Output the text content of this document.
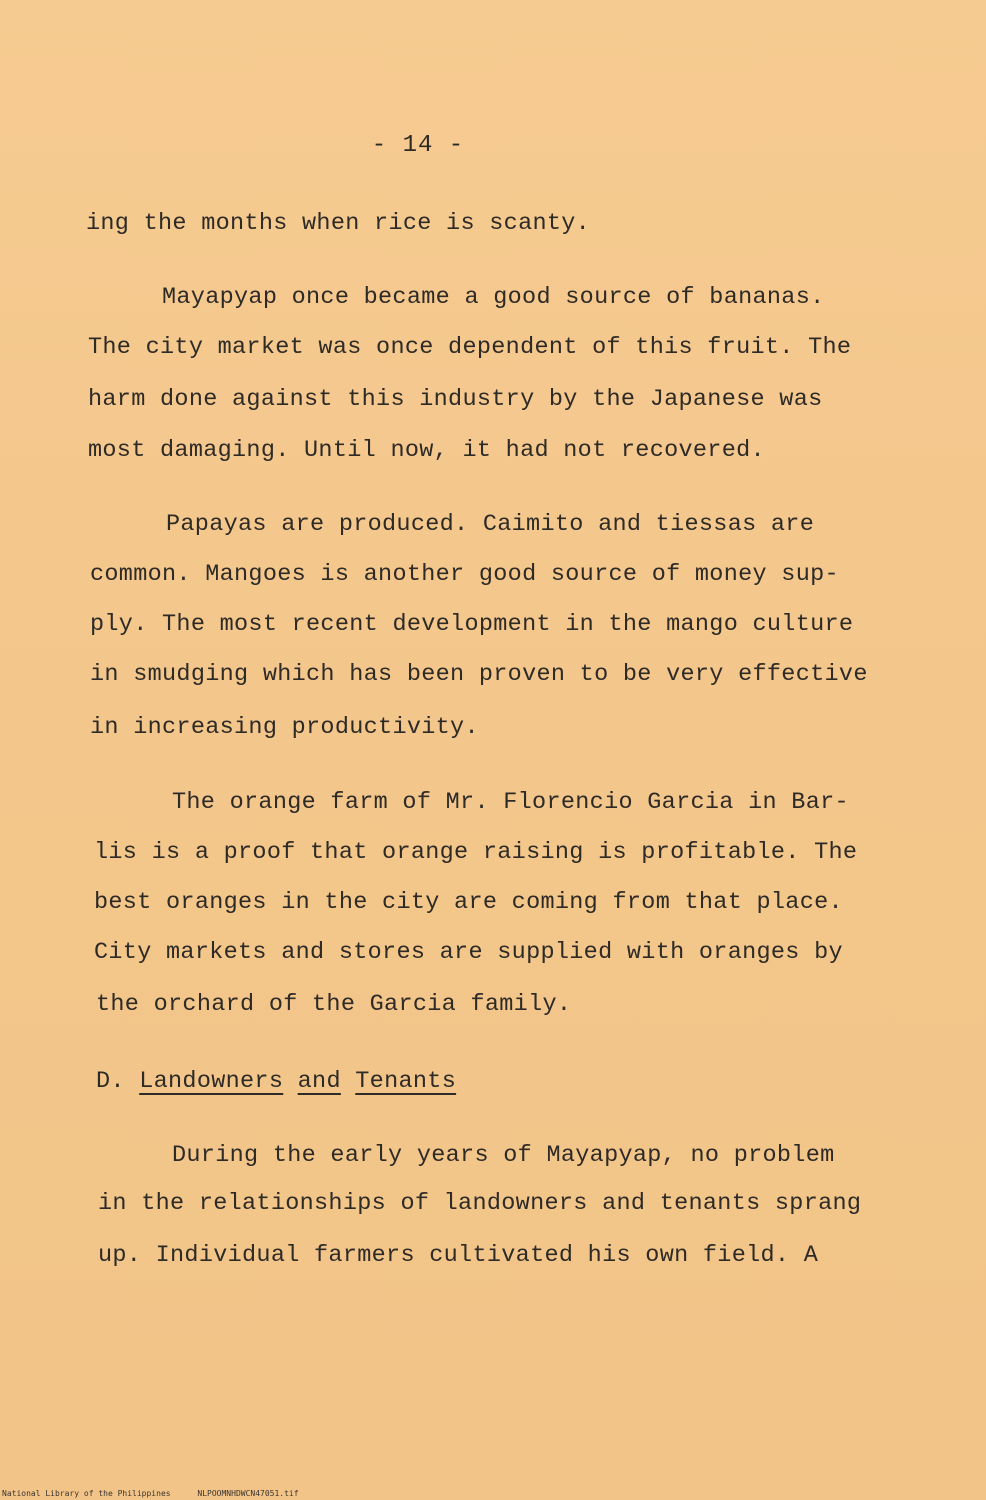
- 14 -
ing the months when rice is scanty.
Mayapyap once became a good source of bananas.
The city market was once dependent of this fruit. The
harm done against this industry by the Japanese was
most damaging. Until now, it had not recovered.
Papayas are produced. Caimito and tiessas are
common. Mangoes is another good source of money sup-
ply. The most recent development in the mango culture
in smudging which has been proven to be very effective
in increasing productivity.
The orange farm of Mr. Florencio Garcia in Bar-
lis is a proof that orange raising is profitable. The
best oranges in the city are coming from that place.
City markets and stores are supplied with oranges by
the orchard of the Garcia family.
D. Landowners and Tenants
During the early years of Mayapyap, no problem
in the relationships of landowners and tenants sprang
up. Individual farmers cultivated his own field. A
National Library of the Philippines	NLPOOMNHDWCN47051.tif
